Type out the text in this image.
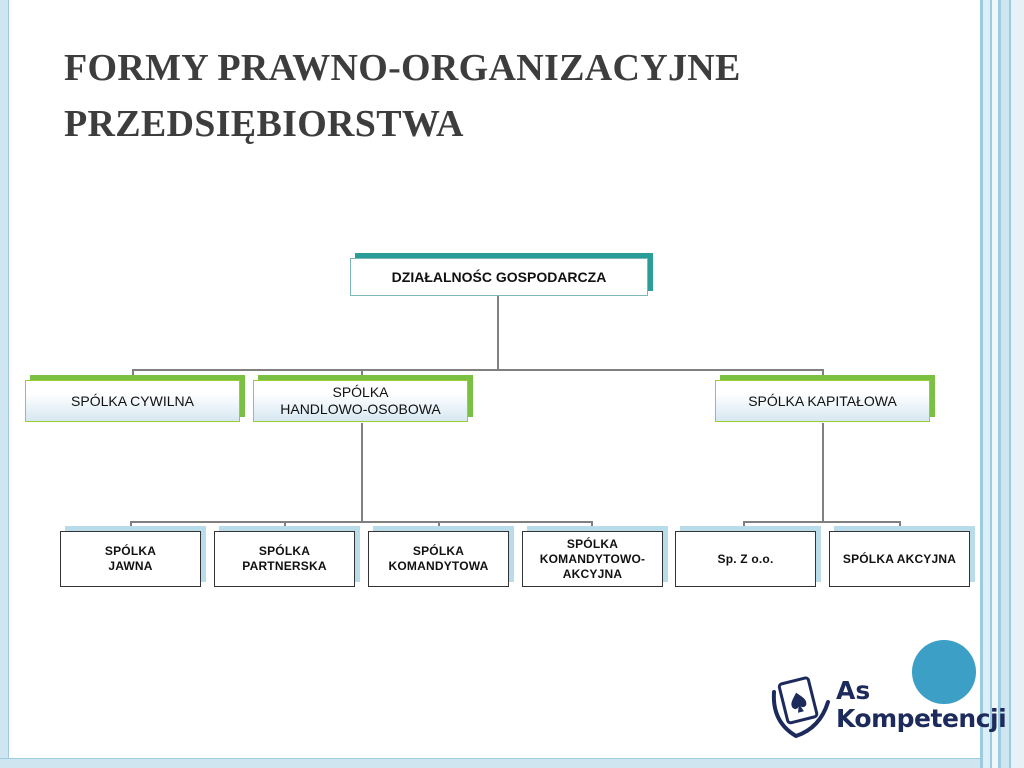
FORMY PRAWNO-ORGANIZACYJNE
PRZEDSIĘBIORSTWA
DZIAŁALNOŚC GOSPODARCZA
SPÓLKA CYWILNA
SPÓLKA
HANDLOWO-OSOBOWA
SPÓLKA KAPITAŁOWA
SPÓLKA
JAWNA
SPÓLKA
PARTNERSKA
SPÓLKA
KOMANDYTOWA
SPÓLKA
KOMANDYTOWO-
AKCYJNA
Sp. Z o.o.	SPÓLKA AKCYJNA
As
Kompetencji
